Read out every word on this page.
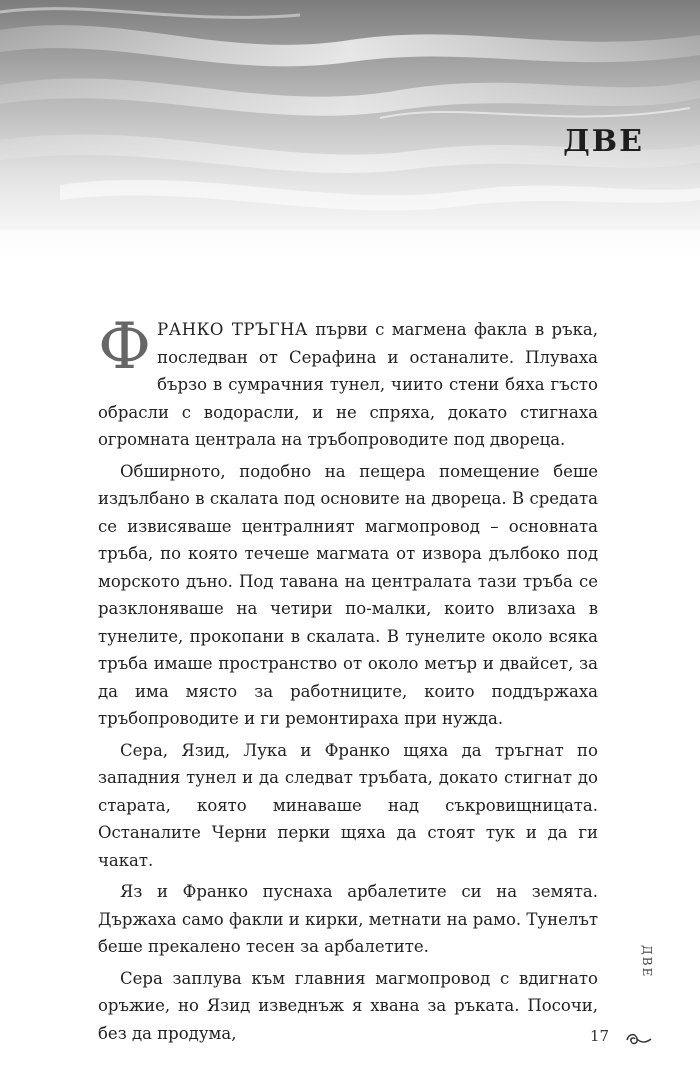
ДВЕ

ФРАНКО ТРЪГНА първи с магмена факла в ръка, последван от Серафина и останалите. Плуваха бързо в сумрачния тунел, чиито стени бяха гъсто обрасли с водорасли, и не спряха, докато стигнаха огромната централа на тръбопроводите под двореца.

Обширното, подобно на пещера помещение беше издълбано в скалата под основите на двореца. В средата се извисяваше централният магмопровод – основната тръба, по която течеше магмата от извора дълбоко под морското дъно. Под тавана на централата тази тръба се разклоняваше на четири по-малки, които влизаха в тунелите, прокопани в скалата. В тунелите около всяка тръба имаше пространство от около метър и двайсет, за да има място за работниците, които поддържаха тръбопроводите и ги ремонтираха при нужда.

Сера, Язид, Лука и Франко щяха да тръгнат по западния тунел и да следват тръбата, докато стигнат до старата, която минаваше над съкровищницата. Останалите Черни перки щяха да стоят тук и да ги чакат.

Яз и Франко пуснаха арбалетите си на земята. Държаха само факли и кирки, метнати на рамо. Тунелът беше прекалено тесен за арбалетите.

Сера заплува към главния магмопровод с вдигнато оръжие, но Язид изведнъж я хвана за ръката. Посочи, без да продума,

ДВЕ
17
